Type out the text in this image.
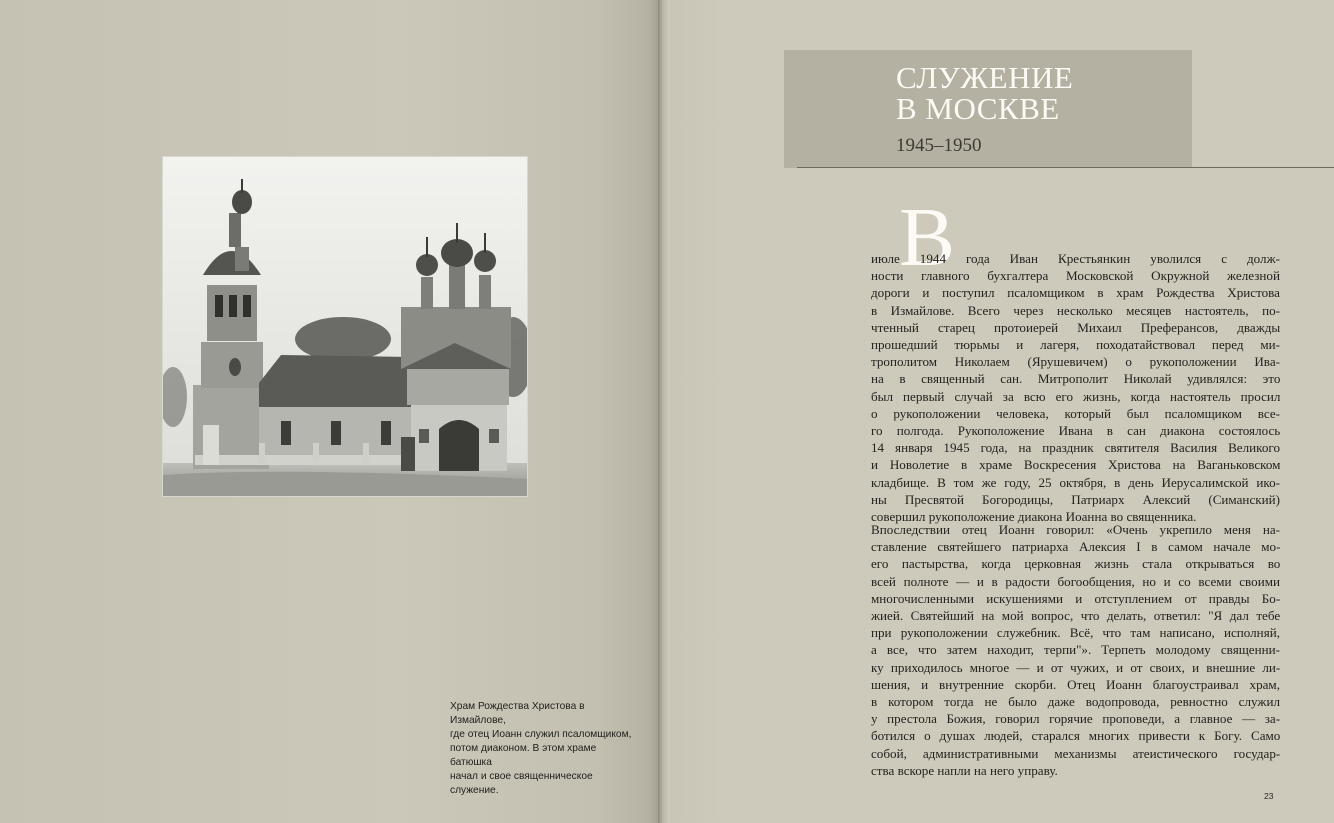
Храм Рождества Христова в Измайлове,
где отец Иоанн служил псаломщиком,
потом диаконом. В этом храме батюшка
начал и свое священническое служение.
СЛУЖЕНИЕ
В МОСКВЕ
1945–1950
В
июле 1944 года Иван Крестьянкин уволился с долж-
ности главного бухгалтера Московской Окружной железной
дороги и поступил псаломщиком в храм Рождества Христова
в Измайлове. Всего через несколько месяцев настоятель, по-
чтенный старец протоиерей Михаил Преферансов, дважды
прошедший тюрьмы и лагеря, походатайствовал перед ми-
трополитом Николаем (Ярушевичем) о рукоположении Ива-
на в священный сан. Митрополит Николай удивлялся: это
был первый случай за всю его жизнь, когда настоятель просил
о рукоположении человека, который был псаломщиком все-
го полгода. Рукоположение Ивана в сан диакона состоялось
14 января 1945 года, на праздник святителя Василия Великого
и Новолетие в храме Воскресения Христова на Ваганьковском
кладбище. В том же году, 25 октября, в день Иерусалимской ико-
ны Пресвятой Богородицы, Патриарх Алексий (Симанский)
совершил рукоположение диакона Иоанна во священника.
Впоследствии отец Иоанн говорил: «Очень укрепило меня на-
ставление святейшего патриарха Алексия I в самом начале мо-
его пастырства, когда церковная жизнь стала открываться во
всей полноте — и в радости богообщения, но и со всеми своими
многочисленными искушениями и отступлением от правды Бо-
жией. Святейший на мой вопрос, что делать, ответил: "Я дал тебе
при рукоположении служебник. Всё, что там написано, исполняй,
а все, что затем находит, терпи"». Терпеть молодому священни-
ку приходилось многое — и от чужих, и от своих, и внешние ли-
шения, и внутренние скорби. Отец Иоанн благоустраивал храм,
в котором тогда не было даже водопровода, ревностно служил
у престола Божия, говорил горячие проповеди, а главное — за-
ботился о душах людей, старался многих привести к Богу. Само
собой, административными механизмы атеистического государ-
ства вскоре напли на него управу.
23
